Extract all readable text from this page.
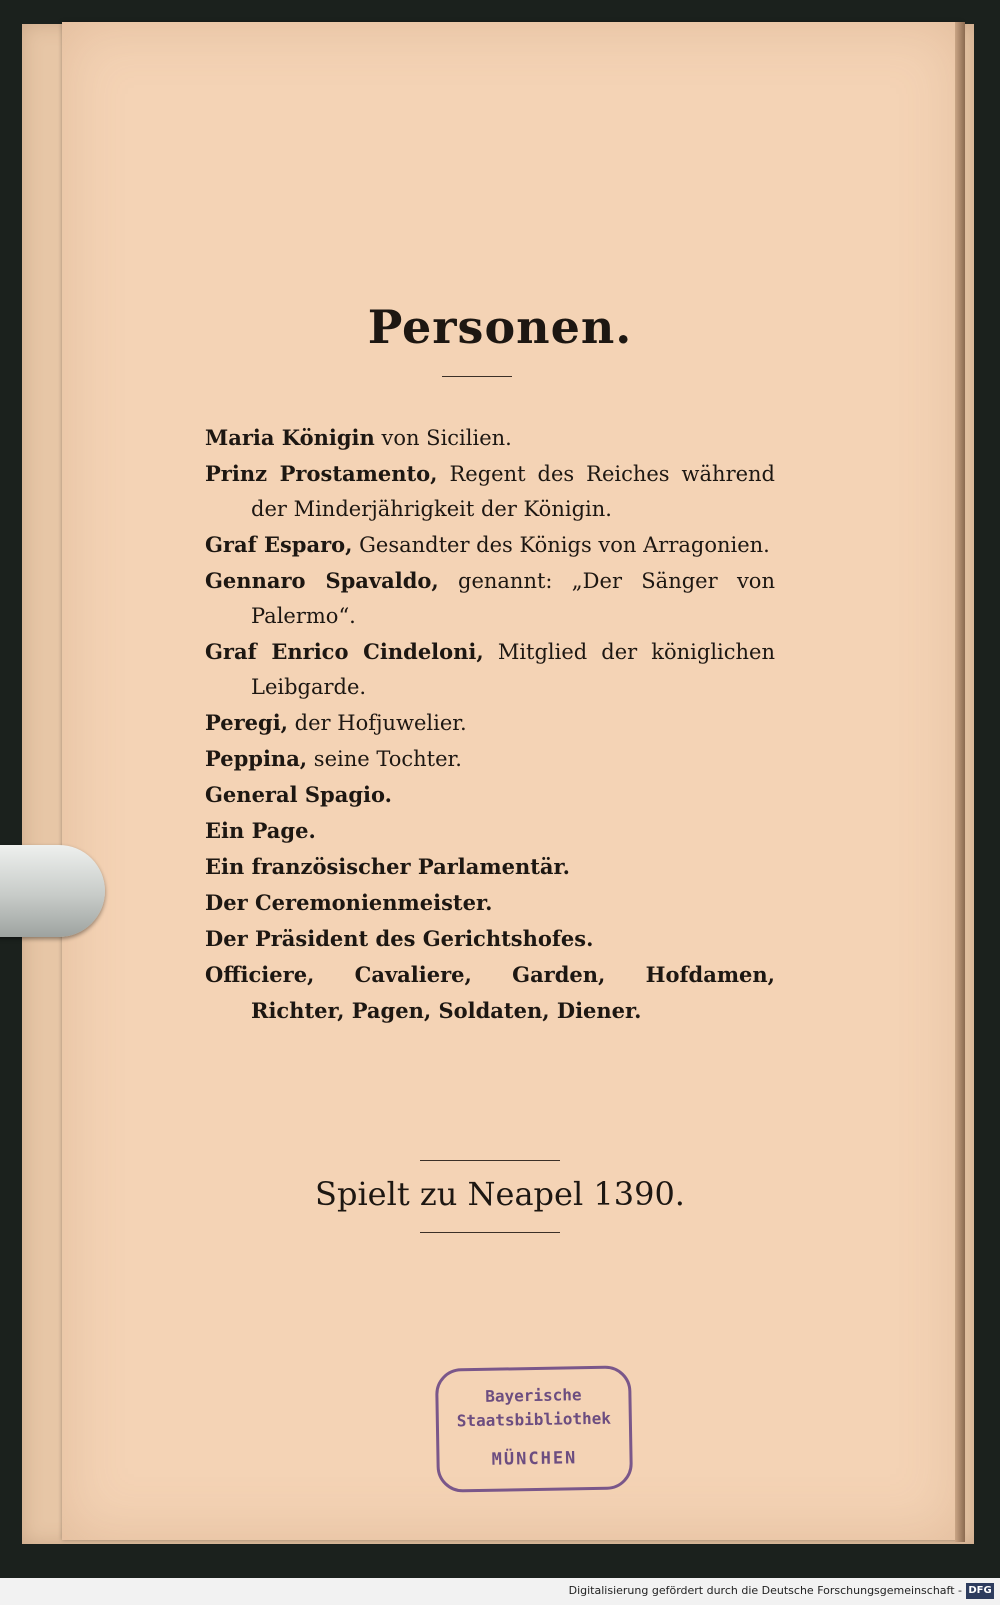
Personen.

Maria Königin von Sicilien.

Prinz Prostamento, Regent des Reiches während der Minderjährigkeit der Königin.

Graf Esparo, Gesandter des Königs von Arragonien.

Gennaro Spavaldo, genannt: „Der Sänger von Palermo“.

Graf Enrico Cindeloni, Mitglied der königlichen Leibgarde.

Peregi, der Hofjuwelier.

Peppina, seine Tochter.

General Spagio.

Ein Page.

Ein französischer Parlamentär.

Der Ceremonienmeister.

Der Präsident des Gerichtshofes.

Officiere, Cavaliere, Garden, Hofdamen, Richter, Pagen, Soldaten, Diener.

Spielt zu Neapel 1390.
Bayerische
Staatsbibliothek
MÜNCHEN
Digitalisierung gefördert durch die Deutsche Forschungsgemeinschaft - DFG
